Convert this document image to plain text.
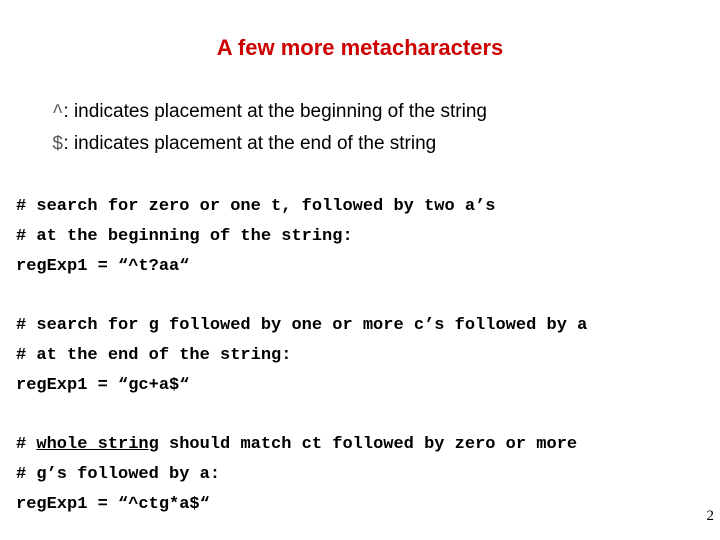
A few more metacharacters
^: indicates placement at the beginning of the string
$: indicates placement at the end of the string
# search for zero or one t, followed by two a’s
# at the beginning of the string:
regExp1 = “^t?aa“
# search for g followed by one or more c’s followed by a
# at the end of the string:
regExp1 = “gc+a$“
# whole string should match ct followed by zero or more
# g’s followed by a:
regExp1 = “^ctg*a$“
2
